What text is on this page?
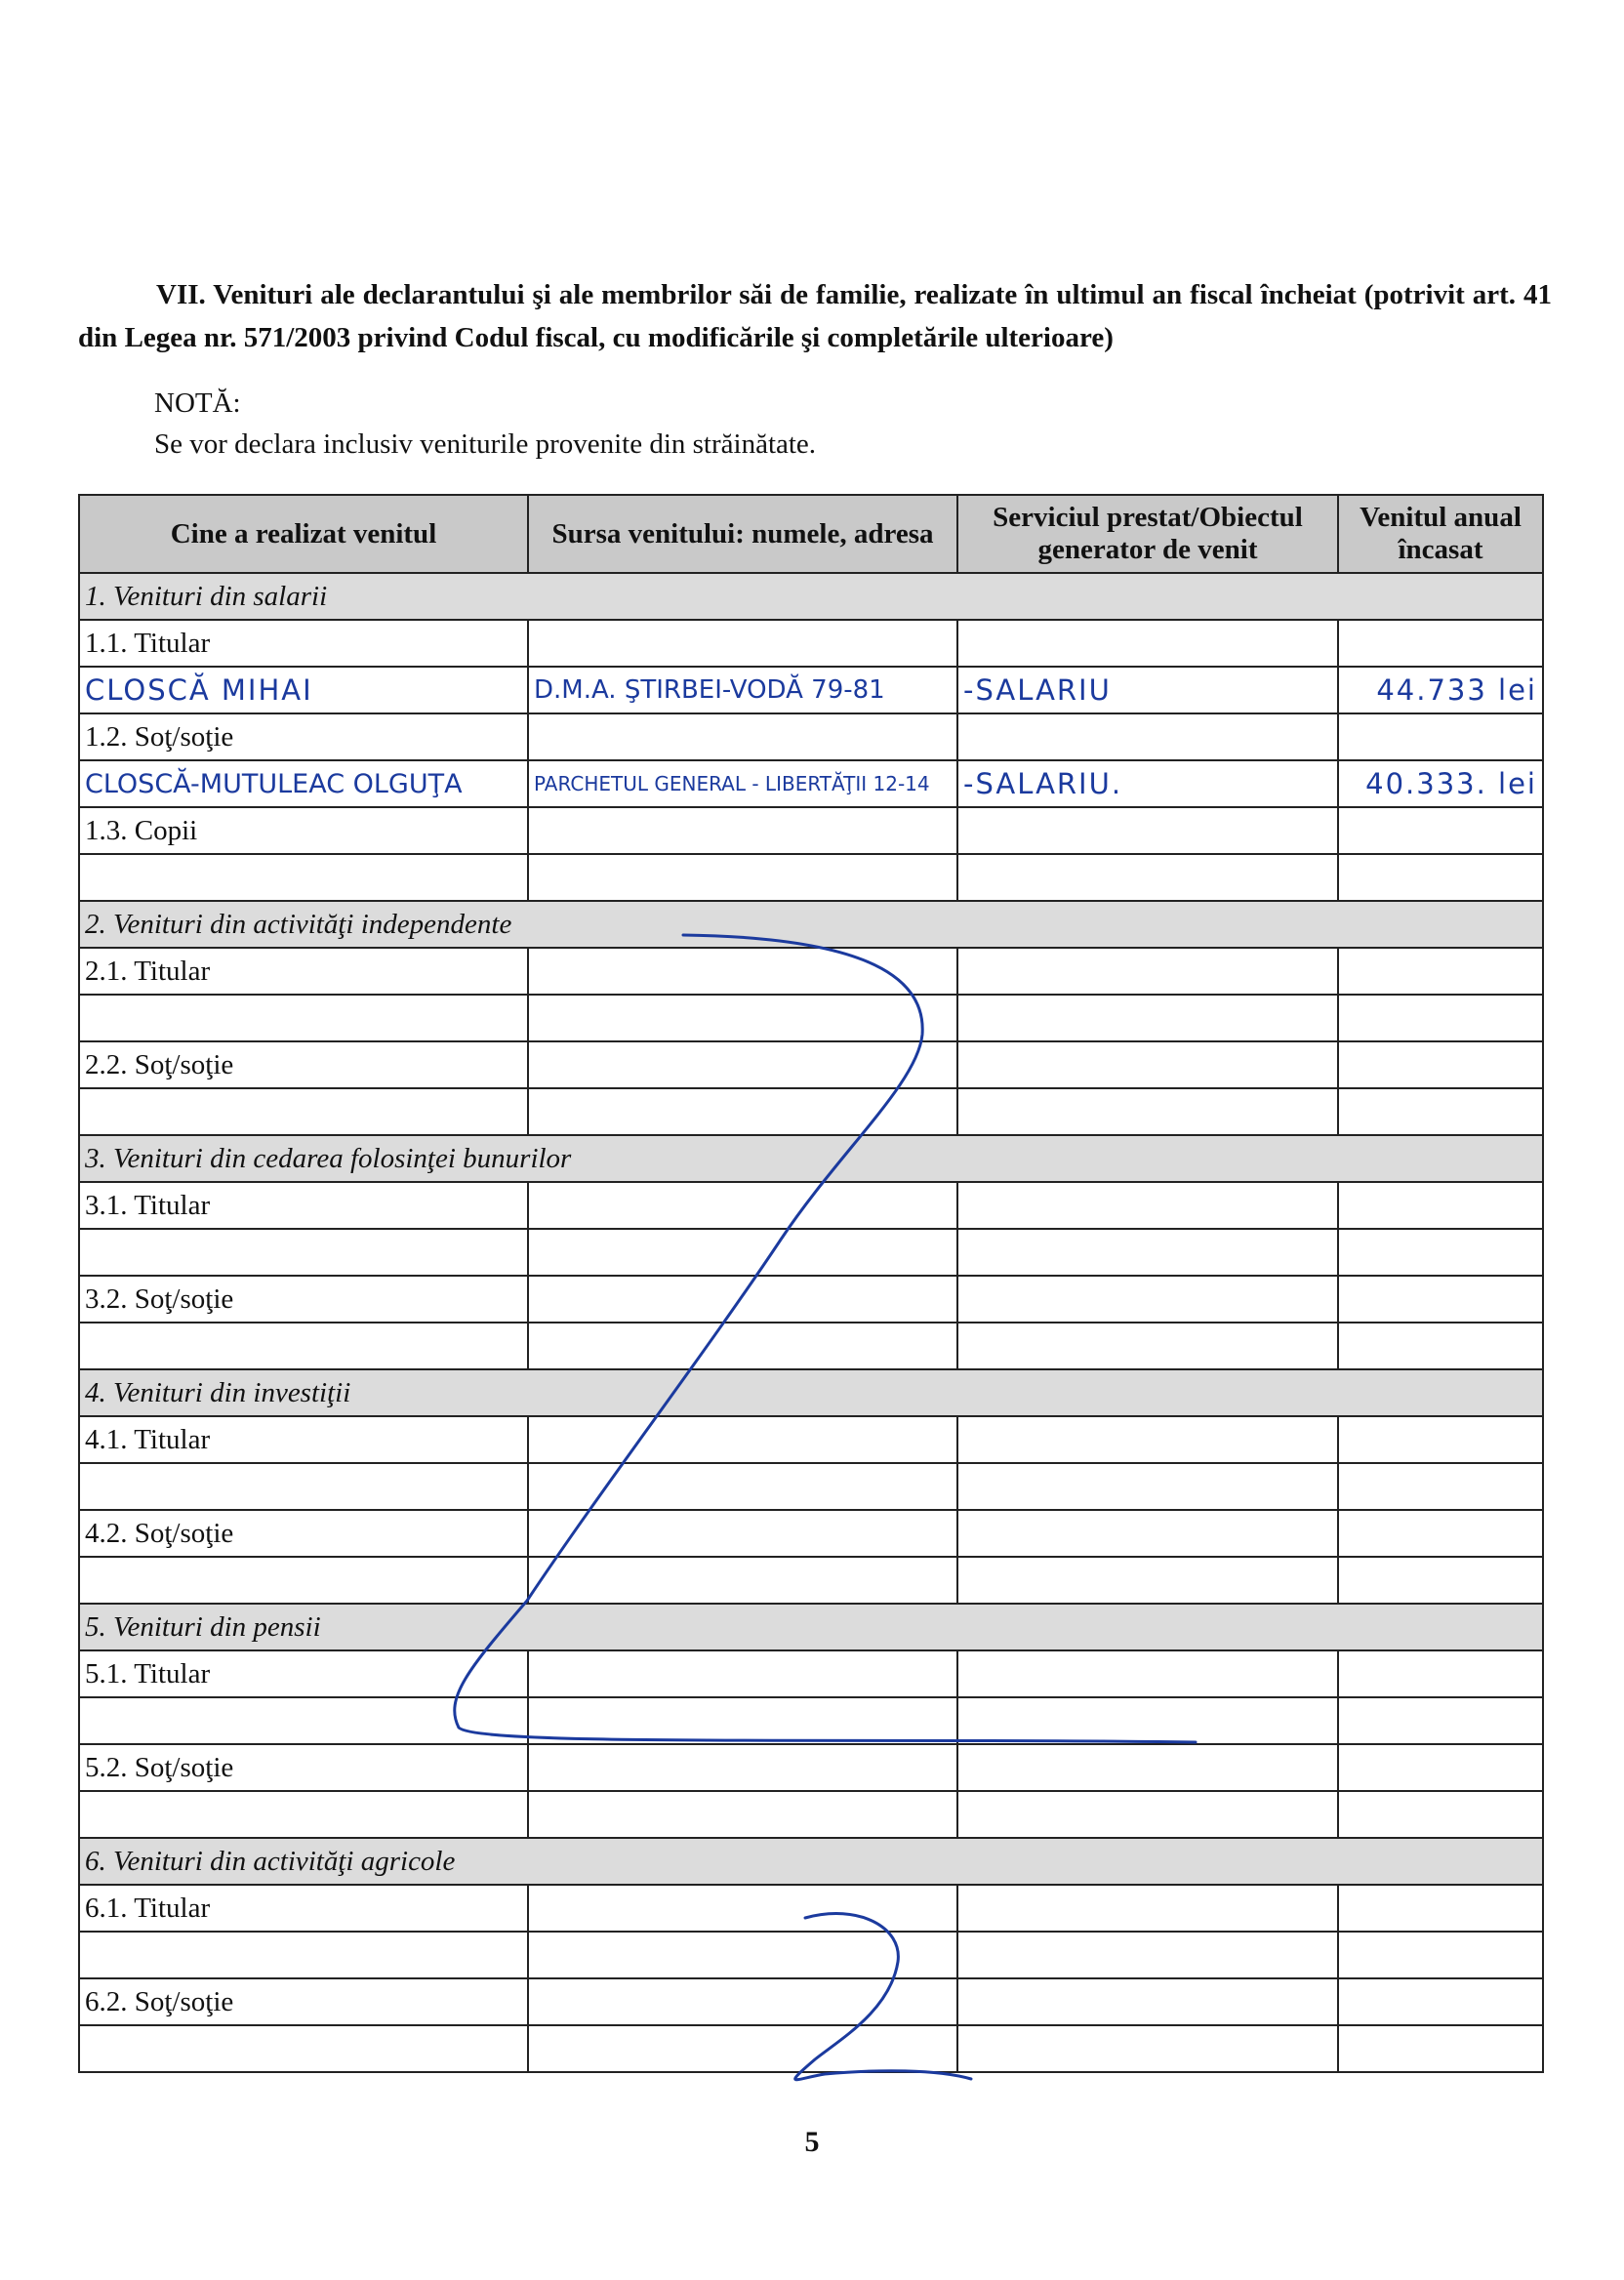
VII. Venituri ale declarantului şi ale membrilor săi de familie, realizate în ultimul an fiscal încheiat (potrivit art. 41 din Legea nr. 571/2003 privind Codul fiscal, cu modificările şi completările ulterioare)
NOTĂ:
Se vor declara inclusiv veniturile provenite din străinătate.
Cine a realizat venitul	Sursa venitului: numele, adresa	Serviciul prestat/Obiectul generator de venit	Venitul anual încasat
1. Venituri din salarii			
1.1. Titular			
CLOSCĂ MIHAI	D.M.A. ŞTIRBEI-VODĂ 79-81	-SALARIU	44.733 lei
1.2. Soţ/soţie			
CLOSCĂ-MUTULEAC OLGUŢA	PARCHETUL GENERAL - LIBERTĂŢII 12-14	-SALARIU.	40.333. lei
1.3. Copii			

2. Venituri din activităţi independente			
2.1. Titular			

2.2. Soţ/soţie			

3. Venituri din cedarea folosinţei bunurilor			
3.1. Titular			

3.2. Soţ/soţie			

4. Venituri din investiţii			
4.1. Titular			

4.2. Soţ/soţie			

5. Venituri din pensii			
5.1. Titular			

5.2. Soţ/soţie			

6. Venituri din activităţi agricole			
6.1. Titular			

6.2. Soţ/soţie			

5
